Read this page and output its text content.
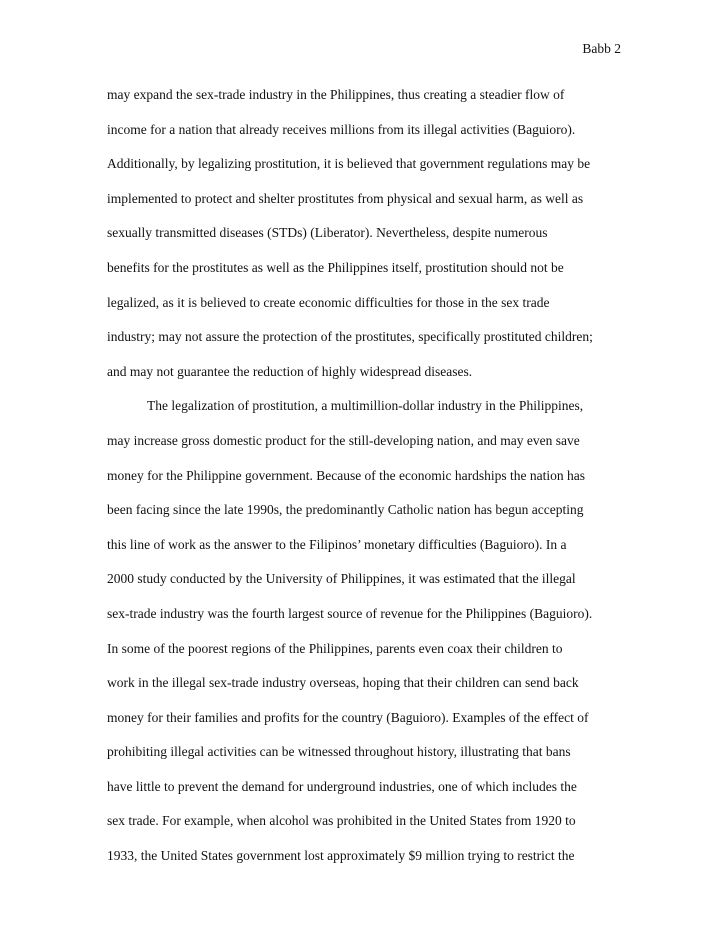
Babb 2
may expand the sex-trade industry in the Philippines, thus creating a steadier flow of
income for a nation that already receives millions from its illegal activities (Baguioro).
Additionally, by legalizing prostitution, it is believed that government regulations may be
implemented to protect and shelter prostitutes from physical and sexual harm, as well as
sexually transmitted diseases (STDs) (Liberator). Nevertheless, despite numerous
benefits for the prostitutes as well as the Philippines itself, prostitution should not be
legalized, as it is believed to create economic difficulties for those in the sex trade
industry; may not assure the protection of the prostitutes, specifically prostituted children;
and may not guarantee the reduction of highly widespread diseases.
The legalization of prostitution, a multimillion-dollar industry in the Philippines,
may increase gross domestic product for the still-developing nation, and may even save
money for the Philippine government. Because of the economic hardships the nation has
been facing since the late 1990s, the predominantly Catholic nation has begun accepting
this line of work as the answer to the Filipinos’ monetary difficulties (Baguioro). In a
2000 study conducted by the University of Philippines, it was estimated that the illegal
sex-trade industry was the fourth largest source of revenue for the Philippines (Baguioro).
In some of the poorest regions of the Philippines, parents even coax their children to
work in the illegal sex-trade industry overseas, hoping that their children can send back
money for their families and profits for the country (Baguioro). Examples of the effect of
prohibiting illegal activities can be witnessed throughout history, illustrating that bans
have little to prevent the demand for underground industries, one of which includes the
sex trade. For example, when alcohol was prohibited in the United States from 1920 to
1933, the United States government lost approximately $9 million trying to restrict the
